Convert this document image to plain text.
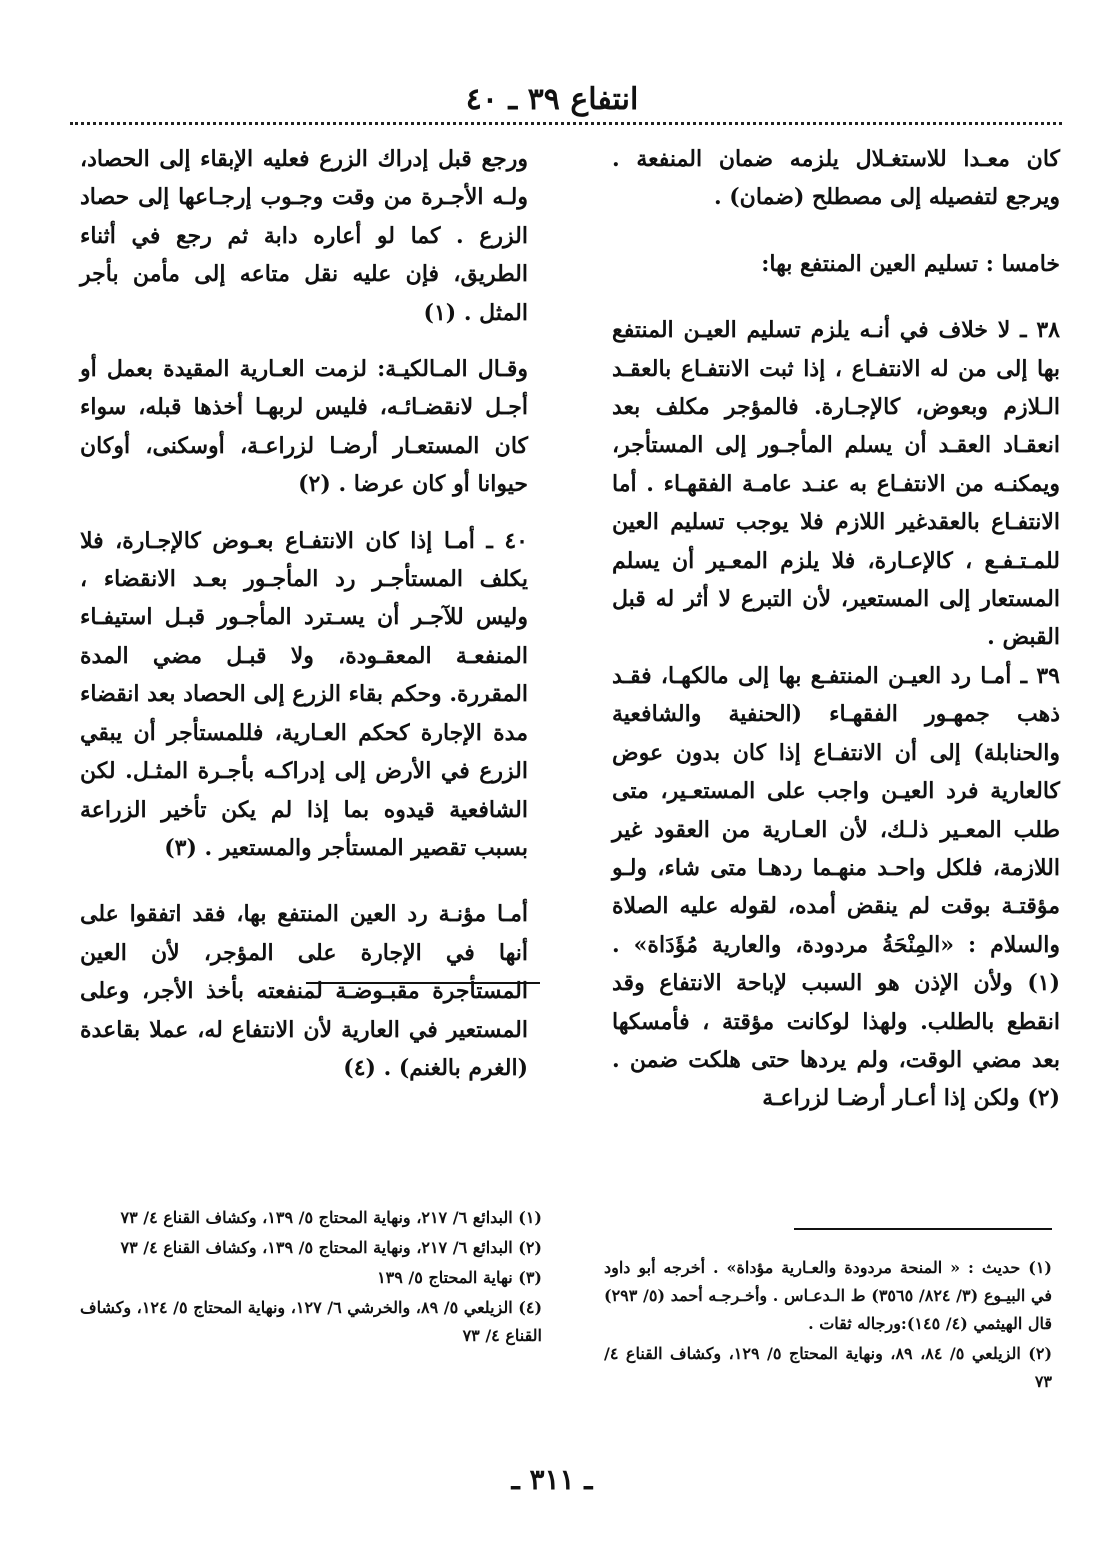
انتفاع ٣٩ ـ ٤٠

كان معـدا للاستغـلال يلزمه ضمان المنفعة . ويرجع لتفصيله إلى مصطلح (ضمان) .

خامسا : تسليم العين المنتفع بها:

٣٨ ـ لا خلاف في أنـه يلزم تسليم العيـن المنتفع بها إلى من له الانتفـاع ، إذا ثبت الانتفـاع بالعقـد الـلازم وبعوض، كالإجـارة. فالمؤجر مكلف بعد انعقـاد العقـد أن يسلم المأجـور إلى المستأجر، ويمكنـه من الانتفـاع به عنـد عامـة الفقهـاء . أما الانتفـاع بالعقدغير اللازم فلا يوجب تسليم العين للمـتـفـع ، كالإعـارة، فلا يلزم المعـير أن يسلم المستعار إلى المستعير، لأن التبرع لا أثر له قبل القبض .

٣٩ ـ أمـا رد العيـن المنتفـع بها إلى مالكهـا، فقـد ذهب جمهـور الفقهـاء (الحنفية والشافعية والحنابلة) إلى أن الانتفـاع إذا كان بدون عوض كالعارية فرد العيـن واجب على المستعـير، متى طلب المعـير ذلـك، لأن العـارية من العقود غير اللازمة، فلكل واحـد منهـما ردهـا متى شاء، ولـو مؤقتـة بوقت لم ينقض أمده، لقوله عليه الصلاة والسلام : «المِنْحَةُ مردودة، والعارية مُؤَدَاة» . (١) ولأن الإذن هو السبب لإباحة الانتفاع وقد انقطع بالطلب. ولهذا لوكانت مؤقتة ، فأمسكها بعد مضي الوقت، ولم يردها حتى هلكت ضمن . (٢) ولكن إذا أعـار أرضـا لزراعـة

ورجع قبل إدراك الزرع فعليه الإبقاء إلى الحصاد، ولـه الأجـرة من وقت وجـوب إرجـاعها إلى حصاد الزرع . كما لو أعاره دابة ثم رجع في أثناء الطريق، فإن عليه نقل متاعه إلى مأمن بأجر المثل . (١)

وقـال المـالكيـة: لزمت العـارية المقيدة بعمل أو أجـل لانقضـائـه، فليس لربهـا أخذها قبله، سواء كان المستعـار أرضـا لزراعـة، أوسكنى، أوكان حيوانا أو كان عرضا . (٢)

٤٠ ـ أمـا إذا كان الانتفـاع بعـوض كالإجـارة، فلا يكلف المستأجـر رد المأجـور بعـد الانقضاء ، وليس للآجـر أن يسـترد المأجـور قبـل استيفـاء المنفعـة المعقـودة، ولا قبـل مضي المدة المقررة. وحكم بقاء الزرع إلى الحصاد بعد انقضاء مدة الإجارة كحكم العـارية، فللمستأجر أن يبقي الزرع في الأرض إلى إدراكـه بأجـرة المثـل. لكن الشافعية قيدوه بما إذا لم يكن تأخير الزراعة بسبب تقصير المستأجر والمستعير . (٣)

أمـا مؤنـة رد العين المنتفع بها، فقد اتفقوا على أنها في الإجارة على المؤجر، لأن العين المستأجرة مقبـوضـة لمنفعته بأخذ الأجر، وعلى المستعير في العارية لأن الانتفاع له، عملا بقاعدة (الغرم بالغنم) . (٤)

(١) حديث : « المنحة مردودة والعـارية مؤداة» . أخرجه أبو داود في البيـوع (٣/ ٨٢٤/ ٣٥٦٥) ط الـدعـاس . وأخـرجـه أحمد (٥/ ٢٩٣) قال الهيثمي (٤/ ١٤٥):ورجاله ثقات .

(٢) الزيلعي ٥/ ٨٤، ٨٩، ونهاية المحتاج ٥/ ١٢٩، وكشاف القناع ٤/ ٧٣

(١) البدائع ٦/ ٢١٧، ونهاية المحتاج ٥/ ١٣٩، وكشاف القناع ٤/ ٧٣

(٢) البدائع ٦/ ٢١٧، ونهاية المحتاج ٥/ ١٣٩، وكشاف القناع ٤/ ٧٣

(٣) نهاية المحتاج ٥/ ١٣٩

(٤) الزيلعي ٥/ ٨٩، والخرشي ٦/ ١٢٧، ونهاية المحتاج ٥/ ١٢٤، وكشاف القناع ٤/ ٧٣

ـ ٣١١ ـ
